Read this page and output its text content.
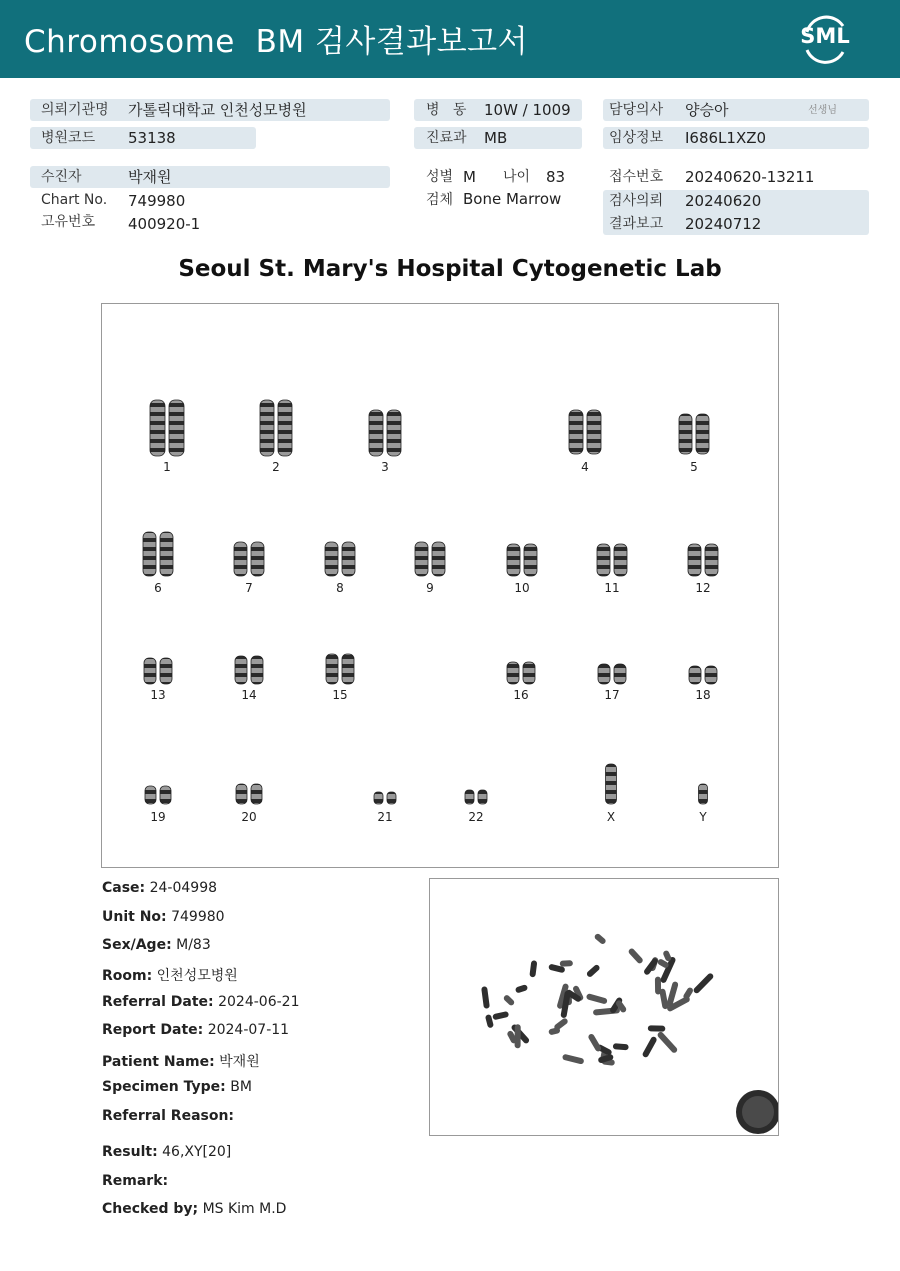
Chromosome  BM 검사결과보고서	SML
의뢰기관명 가톨릭대학교 인천성모병원
병원코드 53138
병   동 10W / 1009
진료과 MB
담당의사 양승아	선생님
임상정보 I686L1XZ0
수진자	박재원
Chart No. 749980
고유번호 400920-1
성별 M 나이 83
검체 Bone Marrow
접수번호 20240620-13211
검사의뢰 20240620
결과보고 20240712
Seoul St. Mary's Hospital Cytogenetic Lab
1	2	3	4	5
6	7	8	9	10	11	12
13	14	15	16	17	18
19	20	21	22	X	Y
Case: 24-04998
Unit No: 749980
Sex/Age: M/83
Room: 인천성모병원
Referral Date: 2024-06-21
Report Date: 2024-07-11
Patient Name: 박재원
Specimen Type: BM
Referral Reason:
Result: 46,XY[20]
Remark:
Checked by; MS Kim M.D
